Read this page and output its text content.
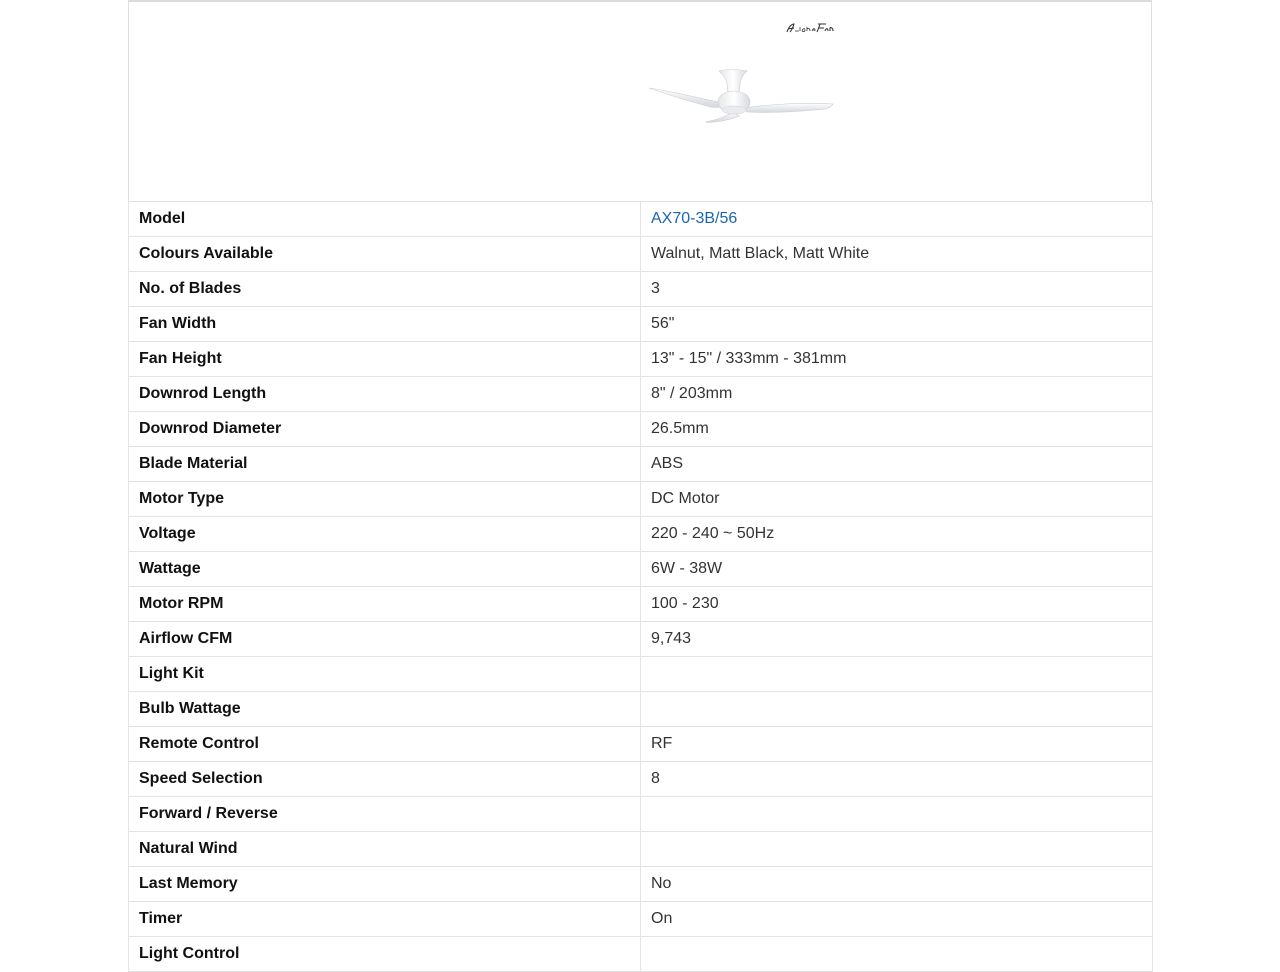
Model	AX70-3B/56
Colours Available	Walnut, Matt Black, Matt White
No. of Blades	3
Fan Width	56"
Fan Height	13" - 15" / 333mm - 381mm
Downrod Length	8" / 203mm
Downrod Diameter	26.5mm
Blade Material	ABS
Motor Type	DC Motor
Voltage	220 - 240 ~ 50Hz
Wattage	6W - 38W
Motor RPM	100 - 230
Airflow CFM	9,743
Light Kit	
Bulb Wattage	
Remote Control	RF
Speed Selection	8
Forward / Reverse	
Natural Wind	
Last Memory	No
Timer	On
Light Control	
